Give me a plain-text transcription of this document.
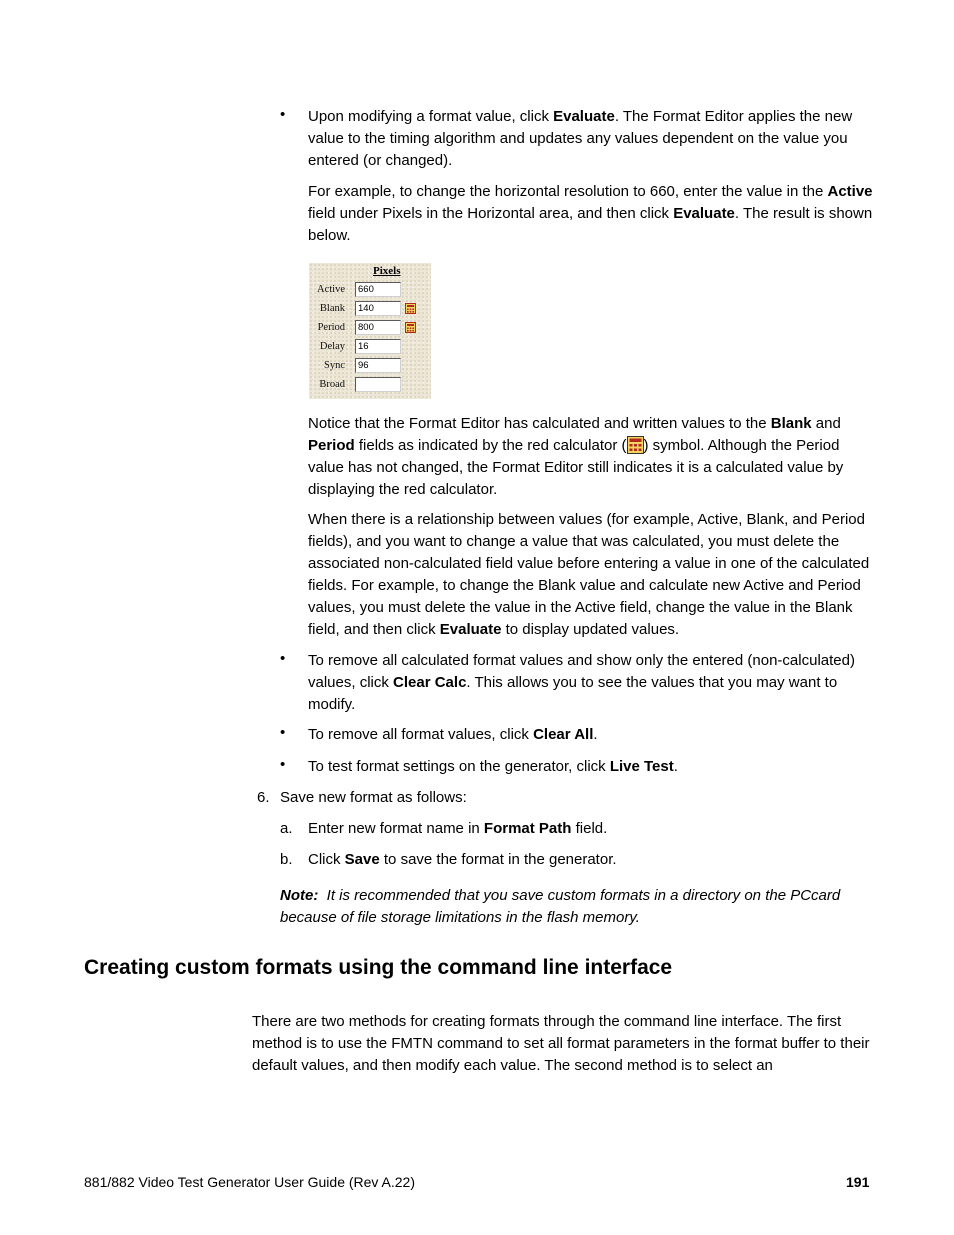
• Upon modifying a format value, click Evaluate. The Format Editor applies the new value to the timing algorithm and updates any values dependent on the value you entered (or changed).

For example, to change the horizontal resolution to 660, enter the value in the Active field under Pixels in the Horizontal area, and then click Evaluate. The result is shown below.

Pixels
Active	660
Blank	140
Period	800
Delay	16
Sync	96
Broad

Notice that the Format Editor has calculated and written values to the Blank and Period fields as indicated by the red calculator ( ) symbol. Although the Period value has not changed, the Format Editor still indicates it is a calculated value by displaying the red calculator.

When there is a relationship between values (for example, Active, Blank, and Period fields), and you want to change a value that was calculated, you must delete the associated non-calculated field value before entering a value in one of the calculated fields. For example, to change the Blank value and calculate new Active and Period values, you must delete the value in the Active field, change the value in the Blank field, and then click Evaluate to display updated values.

• To remove all calculated format values and show only the entered (non-calculated) values, click Clear Calc. This allows you to see the values that you may want to modify.

• To remove all format values, click Clear All.

• To test format settings on the generator, click Live Test.

6. Save new format as follows:
a. Enter new format name in Format Path field.

b. Click Save to save the format in the generator.

Note: It is recommended that you save custom formats in a directory on the PCcard because of file storage limitations in the flash memory.

Creating custom formats using the command line interface

There are two methods for creating formats through the command line interface. The first method is to use the FMTN command to set all format parameters in the format buffer to their default values, and then modify each value. The second method is to select an

881/882 Video Test Generator User Guide (Rev A.22)	191
